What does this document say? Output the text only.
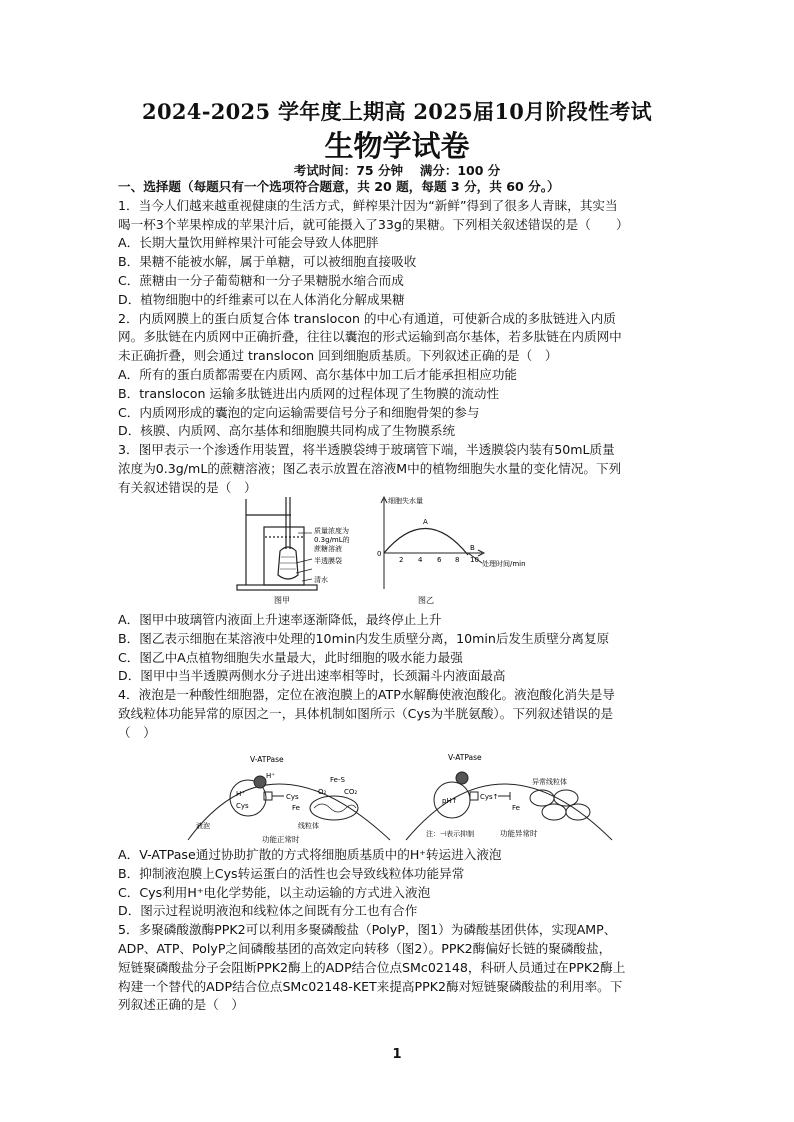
2024-2025 学年度上期高 2025届10月阶段性考试
生物学试卷
考试时间：75 分钟　 满分：100 分
一、选择题（每题只有一个选项符合题意，共 20 题，每题 3 分，共 60 分。）
1．当今人们越来越重视健康的生活方式，鲜榨果汁因为“新鲜”得到了很多人青睐，其实当
喝一杯3个苹果榨成的苹果汁后，就可能摄入了33g的果糖。下列相关叙述错误的是（　　）
A．长期大量饮用鲜榨果汁可能会导致人体肥胖
B．果糖不能被水解，属于单糖，可以被细胞直接吸收
C．蔗糖由一分子葡萄糖和一分子果糖脱水缩合而成
D．植物细胞中的纤维素可以在人体消化分解成果糖
2．内质网膜上的蛋白质复合体 translocon 的中心有通道，可使新合成的多肽链进入内质
网。多肽链在内质网中正确折叠，往往以囊泡的形式运输到高尔基体，若多肽链在内质网中
未正确折叠，则会通过 translocon 回到细胞质基质。下列叙述正确的是（　）
A．所有的蛋白质都需要在内质网、高尔基体中加工后才能承担相应功能
B．translocon 运输多肽链进出内质网的过程体现了生物膜的流动性
C．内质网形成的囊泡的定向运输需要信号分子和细胞骨架的参与
D．核膜、内质网、高尔基体和细胞膜共同构成了生物膜系统
3．图甲表示一个渗透作用装置，将半透膜袋缚于玻璃管下端，半透膜袋内装有50mL质量
浓度为0.3g/mL的蔗糖溶液；图乙表示放置在溶液M中的植物细胞失水量的变化情况。下列
有关叙述错误的是（　）
质量浓度为
0.3g/mL的
蔗糖溶液
半透膜袋
清水
图甲
细胞失水量
处理时间/min
0
2 4 6 8 10
A
B
图乙
A．图甲中玻璃管内液面上升速率逐渐降低，最终停止上升
B．图乙表示细胞在某溶液中处理的10min内发生质壁分离，10min后发生质壁分离复原
C．图乙中A点植物细胞失水量最大，此时细胞的吸水能力最强
D．图甲中当半透膜两侧水分子进出速率相等时，长颈漏斗内液面最高
4．液泡是一种酸性细胞器，定位在液泡膜上的ATP水解酶使液泡酸化。液泡酸化消失是导
致线粒体功能异常的原因之一，具体机制如图所示（Cys为半胱氨酸）。下列叙述错误的是
（　）
V-ATPase
H⁺
H⁺
Cys
Cys
Fe
Fe-S
O₂	CO₂
线粒体
液泡
功能正常时
V-ATPase
pH↑	Cys↑
Fe
异常线粒体
注：⊣表示抑制	功能异常时
A．V-ATPase通过协助扩散的方式将细胞质基质中的H⁺转运进入液泡
B．抑制液泡膜上Cys转运蛋白的活性也会导致线粒体功能异常
C．Cys利用H⁺电化学势能，以主动运输的方式进入液泡
D．图示过程说明液泡和线粒体之间既有分工也有合作
5．多聚磷酸激酶PPK2可以利用多聚磷酸盐（PolyP，图1）为磷酸基团供体，实现AMP、
ADP、ATP、PolyP之间磷酸基团的高效定向转移（图2）。PPK2酶偏好长链的聚磷酸盐，
短链聚磷酸盐分子会阻断PPK2酶上的ADP结合位点SMc02148，科研人员通过在PPK2酶上
构建一个替代的ADP结合位点SMc02148-KET来提高PPK2酶对短链聚磷酸盐的利用率。下
列叙述正确的是（　）
1
